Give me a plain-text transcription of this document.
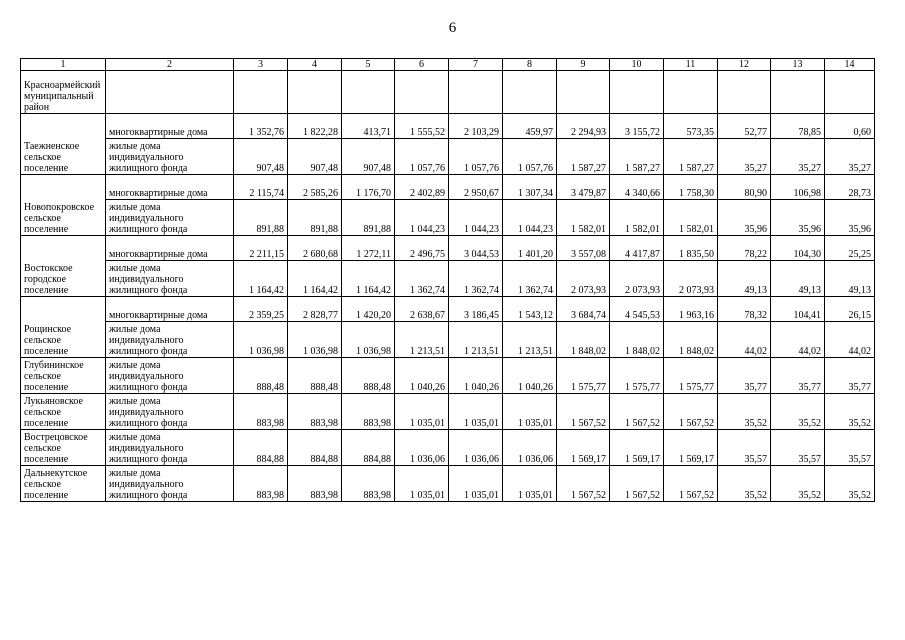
6
1	2	3	4	5	6	7	8	9	10	11	12	13	14
Красноармейский муниципальный район													
Таежненское сельское поселение	многоквартирные дома	1 352,76	1 822,28	413,71	1 555,52	2 103,29	459,97	2 294,93	3 155,72	573,35	52,77	78,85	0,60
	жилые дома индивидуального жилищного фонда	907,48	907,48	907,48	1 057,76	1 057,76	1 057,76	1 587,27	1 587,27	1 587,27	35,27	35,27	35,27
Новопокровское сельское поселение	многоквартирные дома	2 115,74	2 585,26	1 176,70	2 402,89	2 950,67	1 307,34	3 479,87	4 340,66	1 758,30	80,90	106,98	28,73
	жилые дома индивидуального жилищного фонда	891,88	891,88	891,88	1 044,23	1 044,23	1 044,23	1 582,01	1 582,01	1 582,01	35,96	35,96	35,96
Востокское городское поселение	многоквартирные дома	2 211,15	2 680,68	1 272,11	2 496,75	3 044,53	1 401,20	3 557,08	4 417,87	1 835,50	78,22	104,30	25,25
	жилые дома индивидуального жилищного фонда	1 164,42	1 164,42	1 164,42	1 362,74	1 362,74	1 362,74	2 073,93	2 073,93	2 073,93	49,13	49,13	49,13
Рощинское сельское поселение	многоквартирные дома	2 359,25	2 828,77	1 420,20	2 638,67	3 186,45	1 543,12	3 684,74	4 545,53	1 963,16	78,32	104,41	26,15
	жилые дома индивидуального жилищного фонда	1 036,98	1 036,98	1 036,98	1 213,51	1 213,51	1 213,51	1 848,02	1 848,02	1 848,02	44,02	44,02	44,02
Глубининское сельское поселение	жилые дома индивидуального жилищного фонда	888,48	888,48	888,48	1 040,26	1 040,26	1 040,26	1 575,77	1 575,77	1 575,77	35,77	35,77	35,77
Лукьяновское сельское поселение	жилые дома индивидуального жилищного фонда	883,98	883,98	883,98	1 035,01	1 035,01	1 035,01	1 567,52	1 567,52	1 567,52	35,52	35,52	35,52
Вострецовское сельское поселение	жилые дома индивидуального жилищного фонда	884,88	884,88	884,88	1 036,06	1 036,06	1 036,06	1 569,17	1 569,17	1 569,17	35,57	35,57	35,57
Дальнекутское сельское поселение	жилые дома индивидуального жилищного фонда	883,98	883,98	883,98	1 035,01	1 035,01	1 035,01	1 567,52	1 567,52	1 567,52	35,52	35,52	35,52
